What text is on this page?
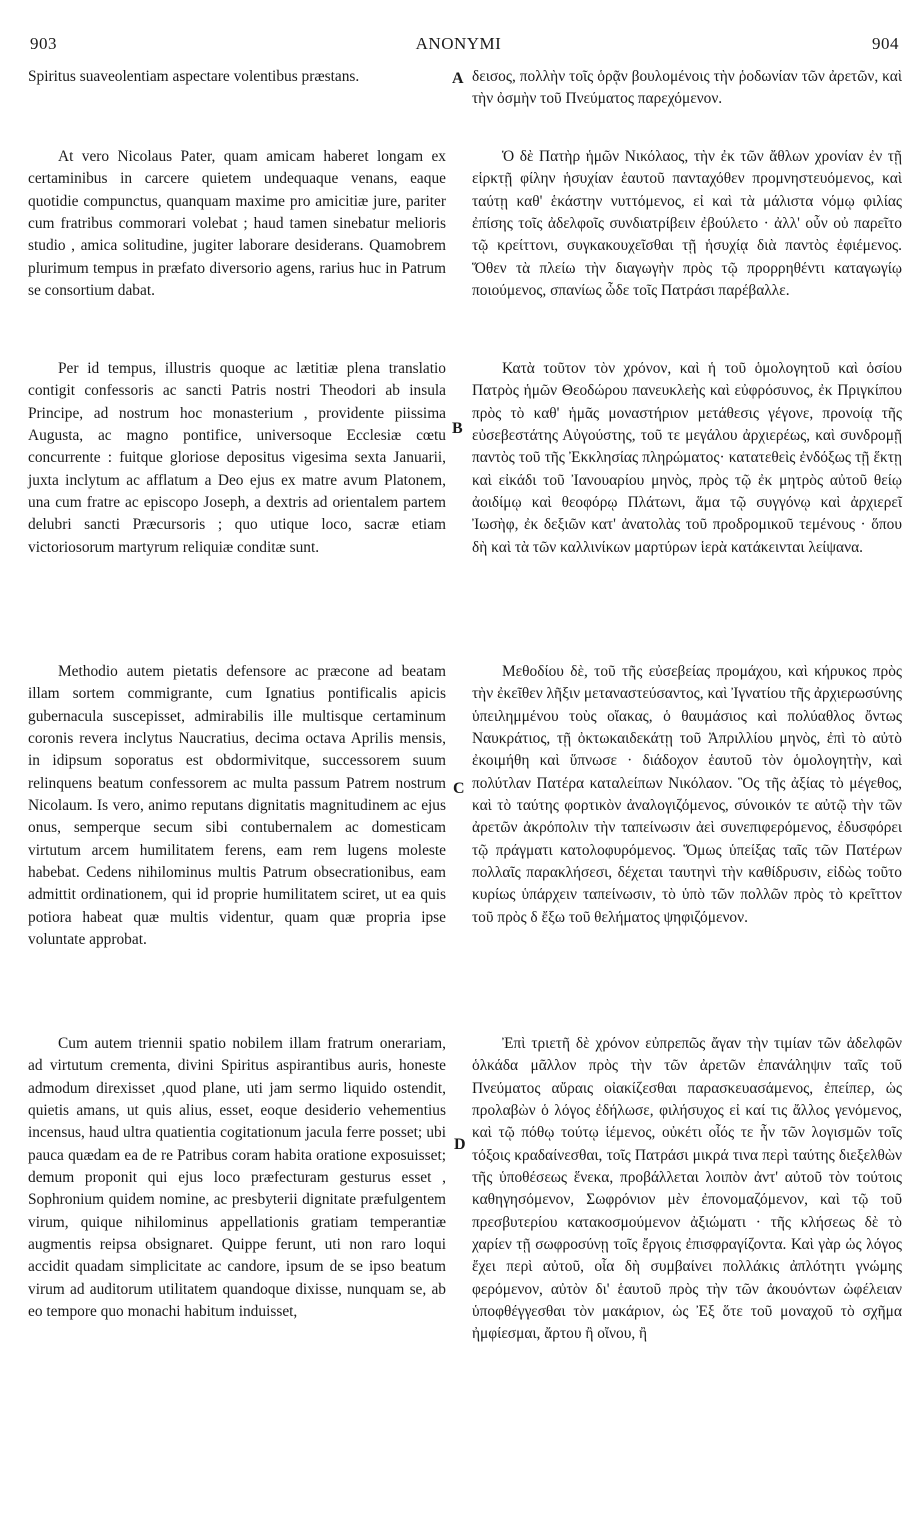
903	ANONYMI	904

Spiritus suaveolentiam aspectare volentibus præstans.

At vero Nicolaus Pater, quam amicam haberet longam ex certaminibus in carcere quietem undequaque venans, eaque quotidie compunctus, quanquam maxime pro amicitiæ jure, pariter cum fratribus commorari volebat ; haud tamen sinebatur melioris studio , amica solitudine, jugiter laborare desiderans. Quamobrem plurimum tempus in præfato diversorio agens, rarius huc in Patrum se consortium dabat.

Per id tempus, illustris quoque ac lætitiæ plena translatio contigit confessoris ac sancti Patris nostri Theodori ab insula Principe, ad nostrum hoc monasterium , providente piissima Augusta, ac magno pontifice, universoque Ecclesiæ cœtu concurrente : fuitque gloriose depositus vigesima sexta Januarii, juxta inclytum ac afflatum a Deo ejus ex matre avum Platonem, una cum fratre ac episcopo Joseph, a dextris ad orientalem partem delubri sancti Præcursoris ; quo utique loco, sacræ etiam victoriosorum martyrum reliquiæ conditæ sunt.

Methodio autem pietatis defensore ac præcone ad beatam illam sortem commigrante, cum Ignatius pontificalis apicis gubernacula suscepisset, admirabilis ille multisque certaminum coronis revera inclytus Naucratius, decima octava Aprilis mensis, in idipsum soporatus est obdormivitque, successorem suum relinquens beatum confessorem ac multa passum Patrem nostrum Nicolaum. Is vero, animo reputans dignitatis magnitudinem ac ejus onus, semperque secum sibi contubernalem ac domesticam virtutum arcem humilitatem ferens, eam rem lugens moleste habebat. Cedens nihilominus multis Patrum obsecrationibus, eam admittit ordinationem, qui id proprie humilitatem sciret, ut ea quis potiora habeat quæ multis videntur, quam quæ propria ipse voluntate approbat.

Cum autem triennii spatio nobilem illam fratrum onerariam, ad virtutum crementa, divini Spiritus aspirantibus auris, honeste admodum direxisset ,quod plane, uti jam sermo liquido ostendit, quietis amans, ut quis alius, esset, eoque desiderio vehementius incensus, haud ultra quatientia cogitationum jacula ferre posset; ubi pauca quædam ea de re Patribus coram habita oratione exposuisset; demum proponit qui ejus loco præfecturam gesturus esset , Sophronium quidem nomine, ac presbyterii dignitate præfulgentem virum, quique nihilominus appellationis gratiam temperantiæ augmentis reipsa obsignaret. Quippe ferunt, uti non raro loqui accidit quadam simplicitate ac candore, ipsum de se ipso beatum virum ad auditorum utilitatem quandoque dixisse, nunquam se, ab eo tempore quo monachi habitum induisset,

A
B
C
D

δεισος, πολλὴν τοῖς ὁρᾷν βουλομένοις τὴν ῥοδωνίαν τῶν ἀρετῶν, καὶ τὴν ὀσμὴν τοῦ Πνεύματος παρεχόμενον.

Ὁ δὲ Πατὴρ ἡμῶν Νικόλαος, τὴν ἐκ τῶν ἄθλων χρονίαν ἐν τῇ εἱρκτῇ φίλην ἡσυχίαν ἑαυτοῦ πανταχόθεν προμνηστευόμενος, καὶ ταύτῃ καθ' ἑκάστην νυττόμενος, εἰ καὶ τὰ μάλιστα νόμῳ φιλίας ἐπίσης τοῖς ἀδελφοῖς συνδιατρίβειν ἐβούλετο · ἀλλ' οὖν οὐ παρεῖτο τῷ κρείττονι, συγκακουχεῖσθαι τῇ ἡσυχίᾳ διὰ παντὸς ἐφιέμενος. Ὅθεν τὰ πλείω τὴν διαγωγὴν πρὸς τῷ προρρηθέντι καταγωγίῳ ποιούμενος, σπανίως ὧδε τοῖς Πατράσι παρέβαλλε.

Κατὰ τοῦτον τὸν χρόνον, καὶ ἡ τοῦ ὁμολογητοῦ καὶ ὁσίου Πατρὸς ἡμῶν Θεοδώρου πανευκλεὴς καὶ εὐφρόσυνος, ἐκ Πριγκίπου πρὸς τὸ καθ' ἡμᾶς μοναστήριον μετάθεσις γέγονε, προνοίᾳ τῆς εὐσεβεστάτης Αὐγούστης, τοῦ τε μεγάλου ἀρχιερέως, καὶ συνδρομῇ παντὸς τοῦ τῆς Ἐκκλησίας πληρώματος· κατατεθεὶς ἐνδόξως τῇ ἕκτῃ καὶ εἰκάδι τοῦ Ἰανουαρίου μηνὸς, πρὸς τῷ ἐκ μητρὸς αὐτοῦ θείῳ ἀοιδίμῳ καὶ θεοφόρῳ Πλάτωνι, ἅμα τῷ συγγόνῳ καὶ ἀρχιερεῖ Ἰωσὴφ, ἐκ δεξιῶν κατ' ἀνατολὰς τοῦ προδρομικοῦ τεμένους · ὅπου δὴ καὶ τὰ τῶν καλλινίκων μαρτύρων ἱερὰ κατάκεινται λείψανα.

Μεθοδίου δὲ, τοῦ τῆς εὐσεβείας προμάχου, καὶ κήρυκος πρὸς τὴν ἐκεῖθεν λῆξιν μεταναστεύσαντος, καὶ Ἰγνατίου τῆς ἀρχιερωσύνης ὑπειλημμένου τοὺς οἴακας, ὁ θαυμάσιος καὶ πολύαθλος ὄντως Ναυκράτιος, τῇ ὀκτωκαιδεκάτῃ τοῦ Ἀπριλλίου μηνὸς, ἐπὶ τὸ αὐτὸ ἐκοιμήθη καὶ ὕπνωσε · διάδοχον ἑαυτοῦ τὸν ὁμολογητὴν, καὶ πολύτλαν Πατέρα καταλείπων Νικόλαον. Ὃς τῆς ἀξίας τὸ μέγεθος, καὶ τὸ ταύτης φορτικὸν ἀναλογιζόμενος, σύνοικόν τε αὐτῷ τὴν τῶν ἀρετῶν ἀκρόπολιν τὴν ταπείνωσιν ἀεὶ συνεπιφερόμενος, ἐδυσφόρει τῷ πράγματι κατολοφυρόμενος. Ὅμως ὑπείξας ταῖς τῶν Πατέρων πολλαῖς παρακλήσεσι, δέχεται ταυτηνὶ τὴν καθίδρυσιν, εἰδὼς τοῦτο κυρίως ὑπάρχειν ταπείνωσιν, τὸ ὑπὸ τῶν πολλῶν πρὸς τὸ κρεῖττον τοῦ πρὸς δ ἔξω τοῦ θελήματος ψηφιζόμενον.

Ἐπὶ τριετῆ δὲ χρόνον εὐπρεπῶς ἄγαν τὴν τιμίαν τῶν ἀδελφῶν ὁλκάδα μᾶλλον πρὸς τὴν τῶν ἀρετῶν ἐπανάληψιν ταῖς τοῦ Πνεύματος αὔραις οἰακίζεσθαι παρασκευασάμενος, ἐπείπερ, ὡς προλαβὼν ὁ λόγος ἐδήλωσε, φιλήσυχος εἰ καί τις ἄλλος γενόμενος, καὶ τῷ πόθῳ τούτῳ ἱέμενος, οὐκέτι οἷός τε ἦν τῶν λογισμῶν τοῖς τόξοις κραδαίνεσθαι, τοῖς Πατράσι μικρά τινα περὶ ταύτης διεξελθὼν τῆς ὑποθέσεως ἕνεκα, προβάλλεται λοιπὸν ἀντ' αὐτοῦ τὸν τούτοις καθηγησόμενον, Σωφρόνιον μὲν ἐπονομαζόμενον, καὶ τῷ τοῦ πρεσβυτερίου κατακοσμούμενον ἀξιώματι · τῆς κλήσεως δὲ τὸ χαρίεν τῇ σωφροσύνῃ τοῖς ἔργοις ἐπισφραγίζοντα. Καὶ γὰρ ὡς λόγος ἔχει περὶ αὐτοῦ, οἷα δὴ συμβαίνει πολλάκις ἀπλότητι γνώμης φερόμενον, αὐτὸν δι' ἑαυτοῦ πρὸς τὴν τῶν ἀκουόντων ὠφέλειαν ὑποφθέγγεσθαι τὸν μακάριον, ὡς Ἐξ ὅτε τοῦ μοναχοῦ τὸ σχῆμα ἠμφίεσμαι, ἄρτου ἢ οἴνου, ἢ
